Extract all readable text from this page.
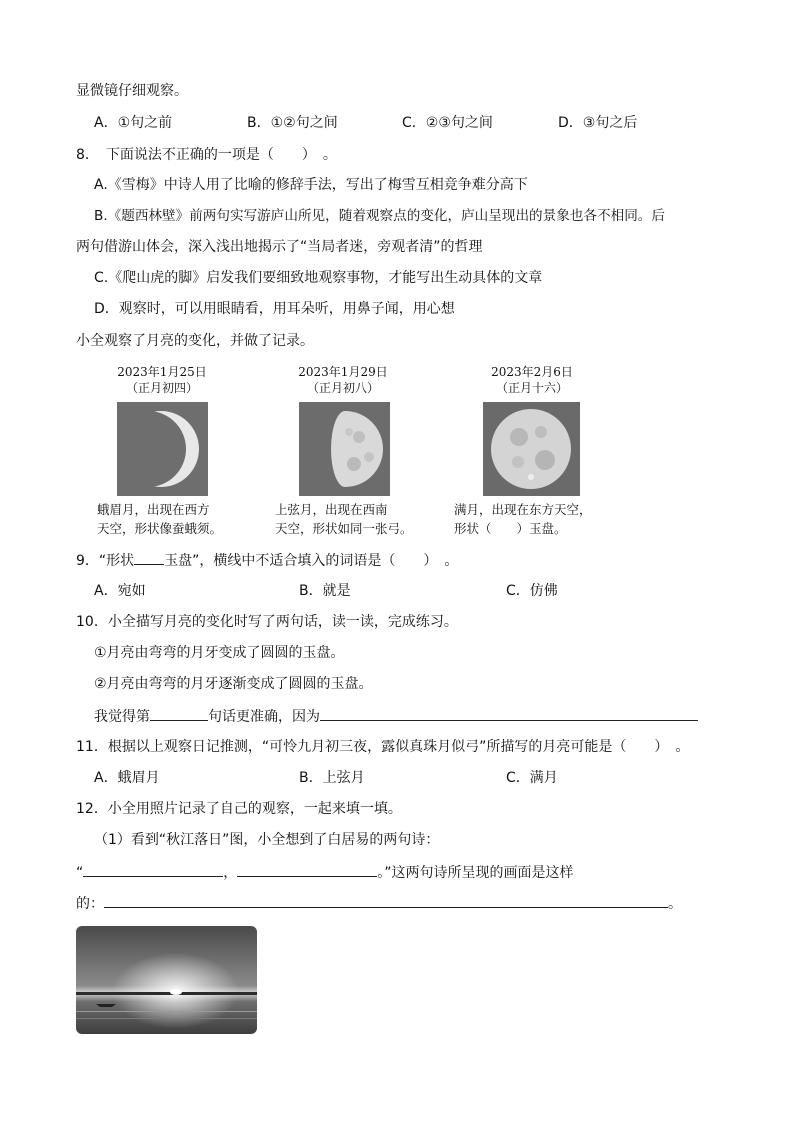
显微镜仔细观察。
A．①句之前	B．①②句之间	C．②③句之间	D．③句之后
8．　下面说法不正确的一项是（　　）　。
A.《雪梅》中诗人用了比喻的修辞手法，写出了梅雪互相竞争难分高下
B.《题西林壁》前两句实写游庐山所见，随着观察点的变化，庐山呈现出的景象也各不相同。后
两句借游山体会，深入浅出地揭示了“当局者迷，旁观者清”的哲理
C.《爬山虎的脚》启发我们要细致地观察事物，才能写出生动具体的文章
D．观察时，可以用眼睛看，用耳朵听，用鼻子闻，用心想
小全观察了月亮的变化，并做了记录。
2023年1月25日
（正月初四）
蛾眉月，出现在西方
天空，形状像蚕蛾须。
2023年1月29日
（正月初八）
上弦月，出现在西南
天空，形状如同一张弓。
2023年2月6日
（正月十六）
满月，出现在东方天空，
形状（　　）玉盘。
9．“形状 玉盘”，横线中不适合填入的词语是（　　）　。
A．宛如	B．就是	C．仿佛
10．小全描写月亮的变化时写了两句话，读一读，完成练习。
①月亮由弯弯的月牙变成了圆圆的玉盘。
②月亮由弯弯的月牙逐渐变成了圆圆的玉盘。
我觉得第	句话更准确，因为
11．根据以上观察日记推测，“可怜九月初三夜，露似真珠月似弓”所描写的月亮可能是（　　）　。
A．蛾眉月	B．上弦月	C．满月
12．小全用照片记录了自己的观察，一起来填一填。
（1）看到“秋江落日”图，小全想到了白居易的两句诗：
“	，	。”这两句诗所呈现的画面是这样
的：	。
